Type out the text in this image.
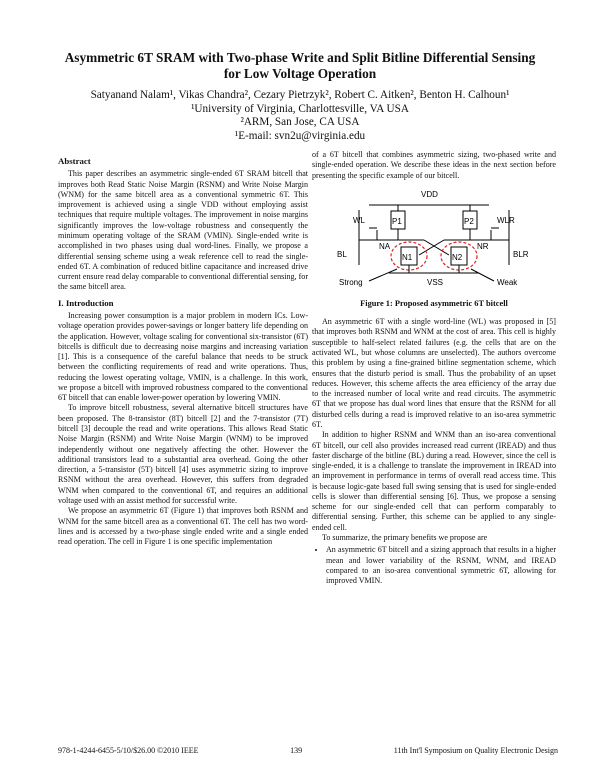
Asymmetric 6T SRAM with Two-phase Write and Split Bitline Differential Sensing
for Low Voltage Operation
Satyanand Nalam¹, Vikas Chandra², Cezary Pietrzyk², Robert C. Aitken², Benton H. Calhoun¹
¹University of Virginia, Charlottesville, VA USA
²ARM, San Jose, CA USA
¹E-mail: svn2u@virginia.edu

Abstract

This paper describes an asymmetric single-ended 6T SRAM bitcell that improves both Read Static Noise Margin (RSNM) and Write Noise Margin (WNM) for the same bitcell area as a conventional symmetric 6T. This improvement is achieved using a single VDD without employing assist techniques that require multiple voltages. The improvement in noise margins significantly improves the low-voltage robustness and consequently the minimum operating voltage of the SRAM (VMIN). Single-ended write is accomplished in two phases using dual word-lines. Finally, we propose a differential sensing scheme using a weak reference cell to read the single-ended 6T. A combination of reduced bitline capacitance and increased drive current ensure read delay comparable to conventional differential sensing, for the same bitcell area.

I. Introduction

Increasing power consumption is a major problem in modern ICs. Low-voltage operation provides power-savings or longer battery life depending on the application. However, voltage scaling for conventional six-transistor (6T) bitcells is difficult due to decreasing noise margins and increasing variation [1]. This is a consequence of the careful balance that needs to be struck between the conflicting requirements of read and write operations. Thus, reducing the lowest operating voltage, VMIN, is a challenge. In this work, we propose a bitcell with improved robustness compared to the conventional 6T bitcell that can enable lower-power operation by lowering VMIN.

To improve bitcell robustness, several alternative bitcell structures have been proposed. The 8-transistor (8T) bitcell [2] and the 7-transistor (7T) bitcell [3] decouple the read and write operations. This allows Read Static Noise Margin (RSNM) and Write Noise Margin (WNM) to be improved independently without one negatively affecting the other. However the additional transistors lead to a substantial area overhead. Going the other direction, a 5-transistor (5T) bitcell [4] uses asymmetric sizing to improve RSNM without the area overhead. However, this suffers from degraded WNM when compared to the conventional 6T, and requires an additional voltage used with an assist method for successful write.

We propose an asymmetric 6T (Figure 1) that improves both RSNM and WNM for the same bitcell area as a conventional 6T. The cell has two word-lines and is accessed by a two-phase single ended write and a single ended read operation. The cell in Figure 1 is one specific implementation

of a 6T bitcell that combines asymmetric sizing, two-phased write and single-ended operation. We describe these ideas in the next section before presenting the specific example of our bitcell.

VDD
BL	BLR
WL	WLR
P1	P2
NA	NR
N1	N2
VSS
Strong	Weak

Figure 1: Proposed asymmetric 6T bitcell

An asymmetric 6T with a single word-line (WL) was proposed in [5] that improves both RSNM and WNM at the cost of area. This cell is highly susceptible to half-select related failures (e.g. the cells that are on the activated WL, but whose columns are unselected). The authors overcome this problem by using a fine-grained bitline segmentation scheme, which ensures that the disturb period is small. Thus the probability of an upset reduces. However, this scheme affects the area efficiency of the array due to the increased number of local write and read circuits. The asymmetric 6T that we propose has dual word lines that ensure that the RSNM for all disturbed cells during a read is improved relative to an iso-area symmetric 6T.

In addition to higher RSNM and WNM than an iso-area conventional 6T bitcell, our cell also provides increased read current (IREAD) and thus faster discharge of the bitline (BL) during a read. However, since the cell is single-ended, it is a challenge to translate the improvement in IREAD into an improvement in performance in terms of overall read access time. This is because logic-gate based full swing sensing that is used for single-ended cells is slower than differential sensing [6]. Thus, we propose a sensing scheme for our single-ended cell that can perform comparably to differential sensing. Further, this scheme can be applied to any single-ended cell.

To summarize, the primary benefits we propose are

• An asymmetric 6T bitcell and a sizing approach that results in a higher mean and lower variability of the RSNM, WNM, and IREAD compared to an iso-area conventional symmetric 6T, allowing for improved VMIN.
978-1-4244-6455-5/10/$26.00 ©2010 IEEE	139	11th Int'l Symposium on Quality Electronic Design
